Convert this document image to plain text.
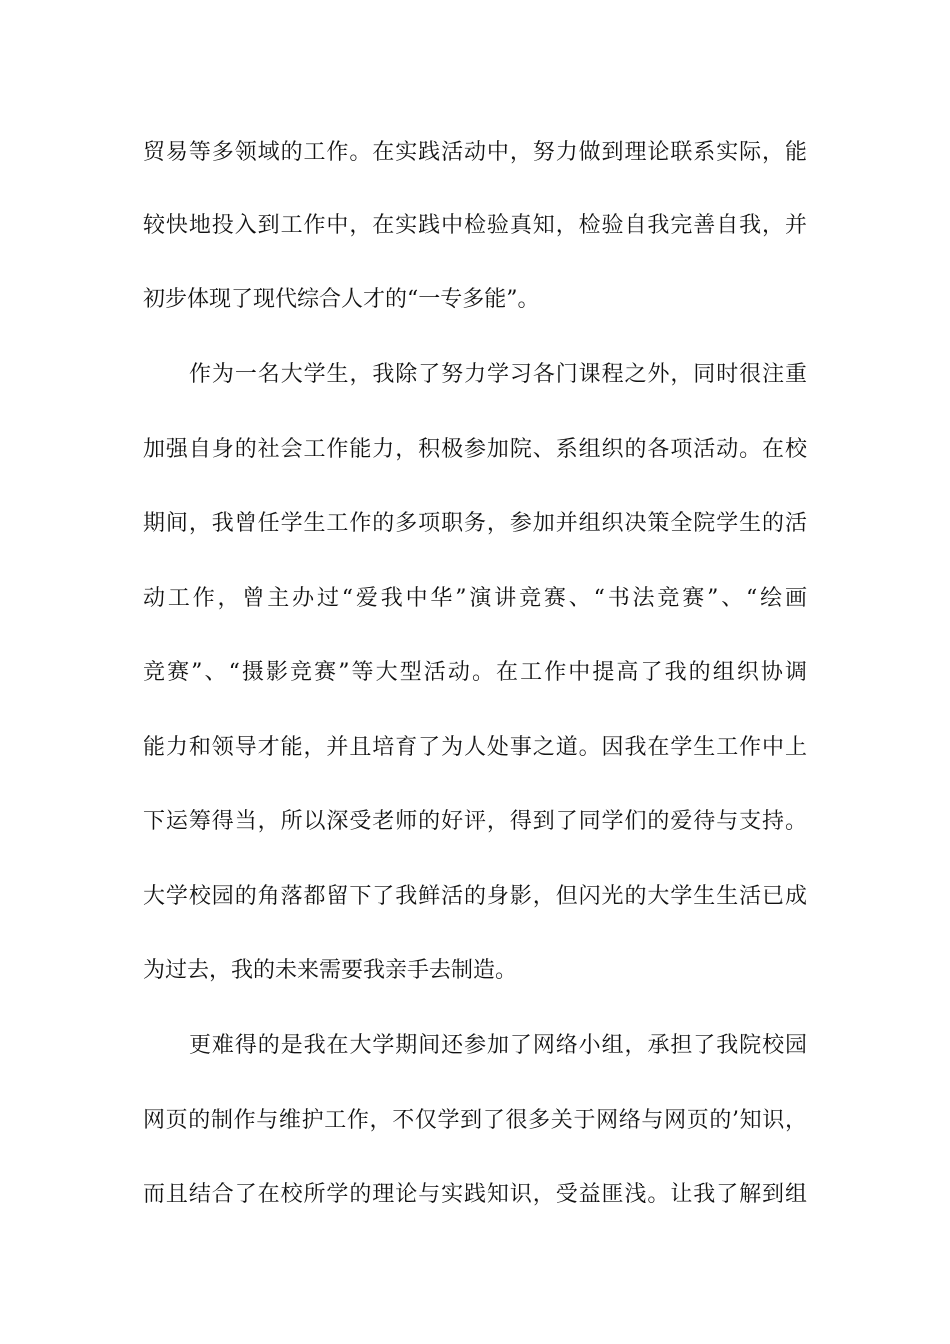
贸易等多领域的工作。在实践活动中，努力做到理论联系实际，能
较快地投入到工作中，在实践中检验真知，检验自我完善自我，并
初步体现了现代综合人才的“一专多能”。
作为一名大学生，我除了努力学习各门课程之外，同时很注重
加强自身的社会工作能力，积极参加院、系组织的各项活动。在校
期间，我曾任学生工作的多项职务，参加并组织决策全院学生的活
动工作，曾主办过“爱我中华”演讲竞赛、“书法竞赛”、“绘画
竞赛”、“摄影竞赛”等大型活动。在工作中提高了我的组织协调
能力和领导才能，并且培育了为人处事之道。因我在学生工作中上
下运筹得当，所以深受老师的好评，得到了同学们的爱待与支持。
大学校园的角落都留下了我鲜活的身影，但闪光的大学生生活已成
为过去，我的未来需要我亲手去制造。
更难得的是我在大学期间还参加了网络小组，承担了我院校园
网页的制作与维护工作，不仅学到了很多关于网络与网页的’知识，
而且结合了在校所学的理论与实践知识，受益匪浅。让我了解到组
